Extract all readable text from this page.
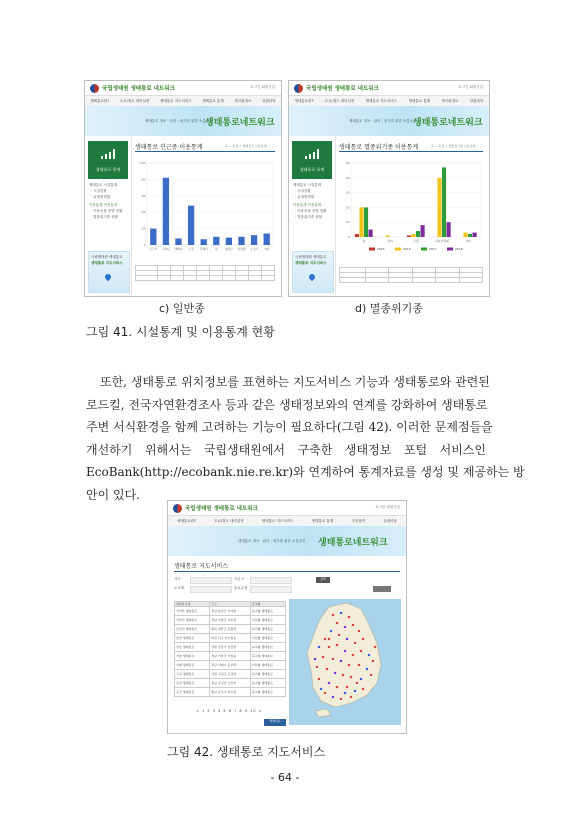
국립생태원 생태통로 네트워크	로그인 회원가입
생태통로란?	도로/철도 대비실현	생태통로 지도서비스	생태통로 통계	게시판정보	알림마당
생태통로 정보 · 관리 · 평가를 위한 소통공간
생태통로네트워크
생태통로 통계
생태통로 시설통계
· 시설현황
· 유형별현황
이용통계 이용통계
· 이용동물 종별 현황
· 멸종위기종 현황
국립생태원 생태통로
생태통로 지도서비스
생태통로 인근종 이용통계	홈 > 통계 > 생태통로 이용통계
0
20
40
60
80
100
너구리 고라니 멧돼지 노루 족제비	삵	청설모 다람쥐 오소리 기타

c) 일반종
국립생태원 생태통로 네트워크	로그인 회원가입
생태통로란?	도로/철도 대비실현	생태통로 지도서비스	생태통로 통계	게시판정보	알림마당
생태통로 정보 · 관리 · 평가를 위한 소통공간
생태통로네트워크
생태통로 통계
생태통로 시설통계
· 시설현황
· 유형별현황
이용통계 이용통계
· 이용동물 종별 현황
· 멸종위기종 현황
국립생태원 생태통로
생태통로 지도서비스
생태통로 멸종위기종 이용통계	홈 > 통계 > 멸종위기종 이용통계
0
10
20
30
40
50
삵	담비	수달	하늘다람쥐	기타
2015	2016	2017	2018

d) 멸종위기종
그림 41. 시설통계 및 이용통계 현황
또한, 생태통로 위치정보를 표현하는 지도서비스 기능과 생태통로와 관련된
로드킬, 전국자연환경조사 등과 같은 생태정보와의 연계를 강화하여 생태통로
주변 서식환경을 함께 고려하는 기능이 필요하다(그림 42). 이러한 문제점들을
개선하기 위해서는 국립생태원에서 구축한 생태정보 포털 서비스인
EcoBank(http://ecobank.nie.re.kr)와 연계하여 통계자료를 생성 및 제공하는 방
안이 있다.
국립생태원 생태통로 네트워크	로그인 회원가입
생태통로란?	도로/철도 대비실현	생태통로 지도서비스	생태통로 통계	국민참여	알림마당
생태통로 정보 · 관리 · 평가를 위한 소통공간 생태통로네트워크
생태통로 지도서비스
시도	시군구	검색
도로명	통로유형
생태통로명	주소	조성형
가야산 생태통로	경남 합천군 가야면	육교형 생태통로
가천리 생태통로	경남 거창군 가조면	터널형 생태통로
감성리 생태통로	충북 괴산군 감물면	육교형 생태통로
갑천 생태통로	대전 서구 가수원동	터널형 생태통로
강릉 생태통로	강원 강릉시 성산면	육교형 생태통로
거창 생태통로	경남 거창군 거창읍	육교형 생태통로
거제 생태통로	경남 거제시 동부면	터널형 생태통로
고성 생태통로	강원 고성군 토성면	육교형 생태통로
곡성 생태통로	전남 곡성군 오산면	육교형 생태통로
공주 생태통로	충남 공주시 반포면	육교형 생태통로
< 1 2 3 4 5 6 7 8 9 10 >
엑셀다운
그림 42. 생태통로 지도서비스
- 64 -
